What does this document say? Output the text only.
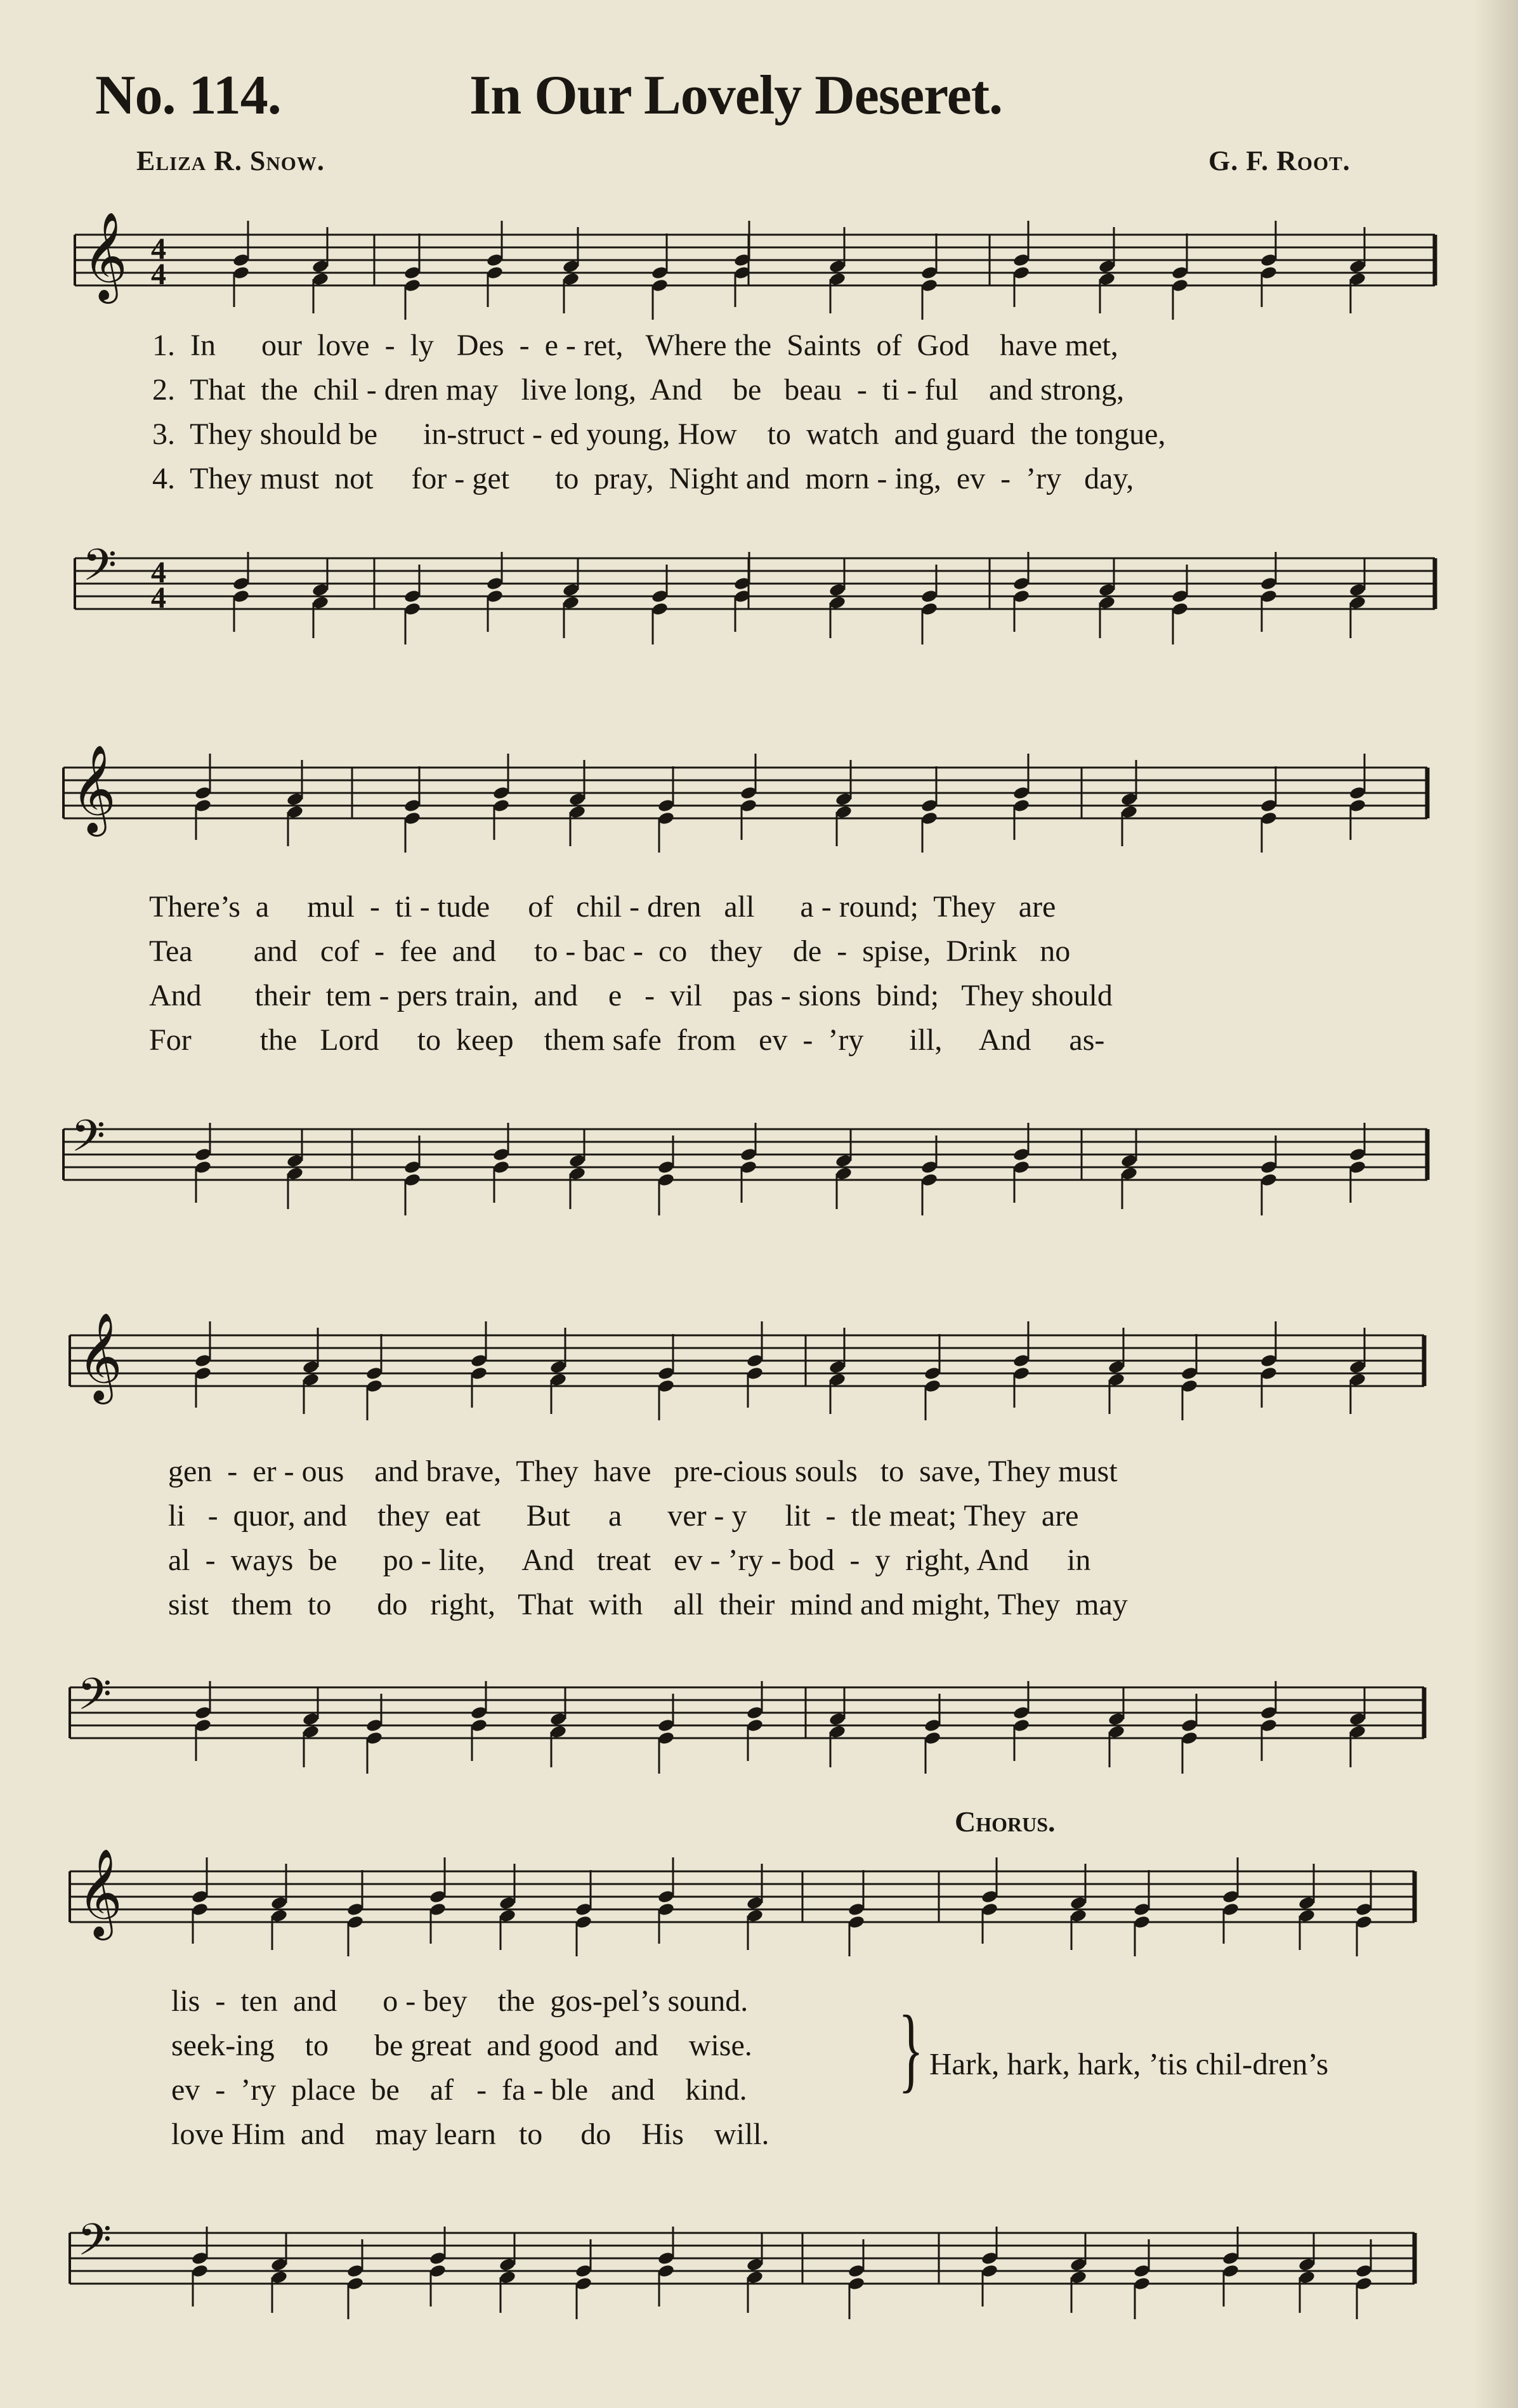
No. 114.	In Our Lovely Deseret.
Eliza R. Snow.	G. F. Root.
𝄞 4
4
1.  In      our  love  -  ly   Des  -  e - ret,   Where the  Saints  of  God    have met,
2.  That  the  chil - dren may   live long,  And    be   beau  -  ti - ful    and strong,
3.  They should be      in-struct - ed young, How    to  watch  and guard  the tongue,
4.  They must  not     for - get      to  pray,  Night and  morn - ing,  ev  -  ’ry   day,
𝄢 4
4
𝄞
There’s  a     mul  -  ti - tude     of   chil - dren   all      a - round;  They   are
Tea        and   cof  -  fee  and     to - bac -  co   they    de  -  spise,  Drink   no
And       their  tem - pers train,  and    e   -  vil    pas - sions  bind;   They should
For         the   Lord     to  keep    them safe  from   ev  -  ’ry      ill,     And     as-
𝄢
𝄞
gen  -  er - ous    and brave,  They  have   pre-cious souls   to  save, They must
li   -  quor, and    they  eat      But     a      ver - y     lit  -  tle meat; They  are
al  -  ways  be      po - lite,     And   treat   ev - ’ry - bod  -  y  right, And     in
sist   them  to      do   right,   That  with    all  their  mind and might, They  may
𝄢
Chorus.
𝄞
lis  -  ten  and      o - bey    the  gos-pel’s sound.
seek-ing    to      be great  and good  and    wise.
ev  -  ’ry  place  be    af   -  fa - ble   and    kind.
love Him  and    may learn   to     do    His    will.
} Hark, hark, hark, ’tis chil-dren’s
𝄢
